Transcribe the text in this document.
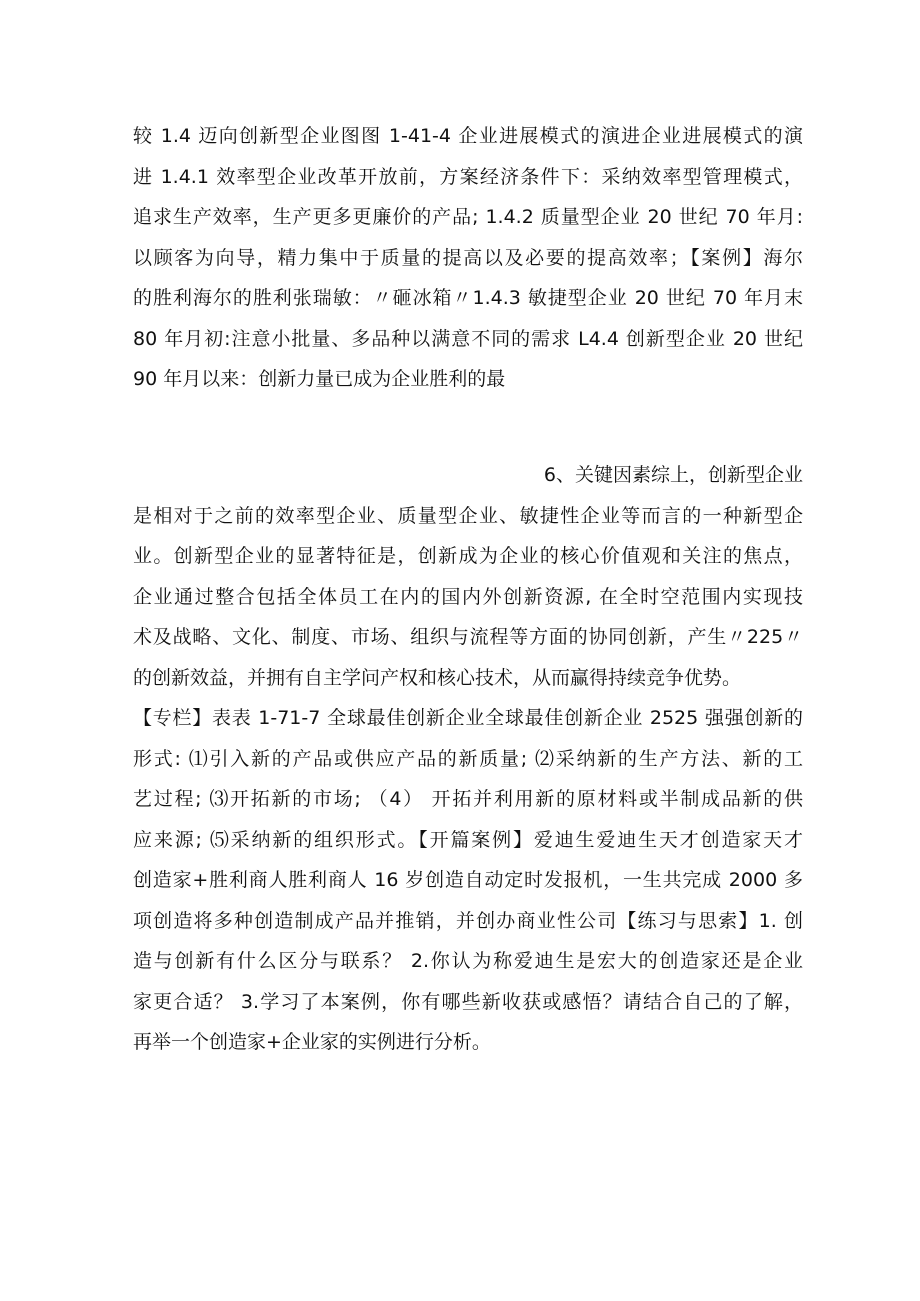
较 1.4 迈向创新型企业图图 1-41-4 企业进展模式的演进企业进展模式的演
进 1.4.1 效率型企业改革开放前，方案经济条件下：采纳效率型管理模式，
追求生产效率，生产更多更廉价的产品; 1.4.2 质量型企业 20 世纪 70 年月:
以顾客为向导，精力集中于质量的提高以及必要的提高效率；【案例】海尔
的胜利海尔的胜利张瑞敏：〃砸冰箱〃1.4.3 敏捷型企业 20 世纪 70 年月末
80 年月初:注意小批量、多品种以满意不同的需求 L4.4 创新型企业 20 世纪
90 年月以来：创新力量已成为企业胜利的最
6、关键因素综上，创新型企业
是相对于之前的效率型企业、质量型企业、敏捷性企业等而言的一种新型企
业。创新型企业的显著特征是，创新成为企业的核心价值观和关注的焦点，
企业通过整合包括全体员工在内的国内外创新资源, 在全时空范围内实现技
术及战略、文化、制度、市场、组织与流程等方面的协同创新，产生〃225〃
的创新效益，并拥有自主学问产权和核心技术，从而赢得持续竞争优势。
【专栏】表表 1-71-7 全球最佳创新企业全球最佳创新企业 2525 强强创新的
形式: ⑴引入新的产品或供应产品的新质量; ⑵采纳新的生产方法、新的工
艺过程; ⑶开拓新的市场; （4） 开拓并利用新的原材料或半制成品新的供
应来源; ⑸采纳新的组织形式。【开篇案例】爱迪生爱迪生天才创造家天才
创造家+胜利商人胜利商人 16 岁创造自动定时发报机，一生共完成 2000 多
项创造将多种创造制成产品并推销，并创办商业性公司【练习与思索】1. 创
造与创新有什么区分与联系？ 2.你认为称爱迪生是宏大的创造家还是企业
家更合适？ 3.学习了本案例，你有哪些新收获或感悟？请结合自己的了解，
再举一个创造家+企业家的实例进行分析。
